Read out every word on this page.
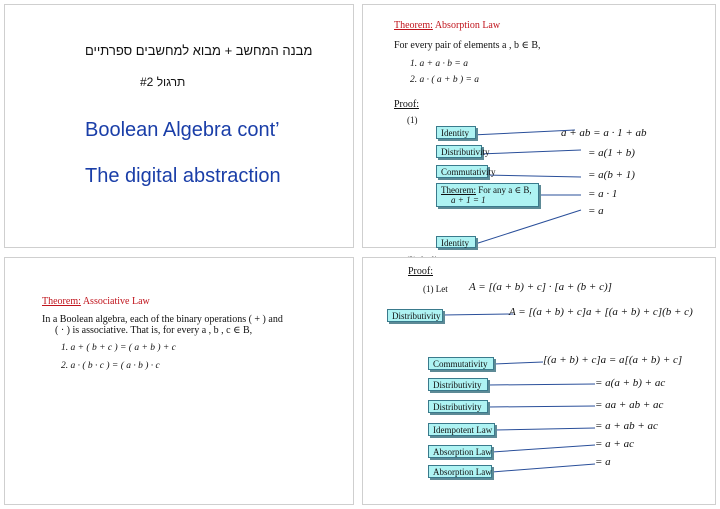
מבנה המחשב + מבוא למחשבים ספרתיים
תרגול #2
Boolean Algebra cont’
The digital abstraction
Theorem: Absorption Law
For every pair of elements a , b ∈ B,
1. a + a · b = a
2. a · ( a + b ) = a
Proof:
(1)
a + ab = a · 1 + ab
= a(1 + b)
= a(b + 1)
= a · 1
= a
Identity
Distributivity
Commutativity
Theorem: For any a ∈ B,
a + 1 = 1
Identity
Theorem: Associative Law
In a Boolean algebra, each of the binary operations ( + ) and
( · ) is associative. That is, for every a , b , c ∈ B,
1. a + ( b + c ) = ( a + b ) + c
2. a · ( b · c ) = ( a · b ) · c
Proof:
(1) Let A = [(a + b) + c] · [a + (b + c)]
A = [(a + b) + c]a + [(a + b) + c](b + c)
[(a + b) + c]a = a[(a + b) + c]
= a(a + b) + ac
= aa + ab + ac
= a + ab + ac
= a + ac
= a
Distributivity
Commutativity
Distributivity
Distributivity
Idempotent Law
Absorption Law
Absorption Law
